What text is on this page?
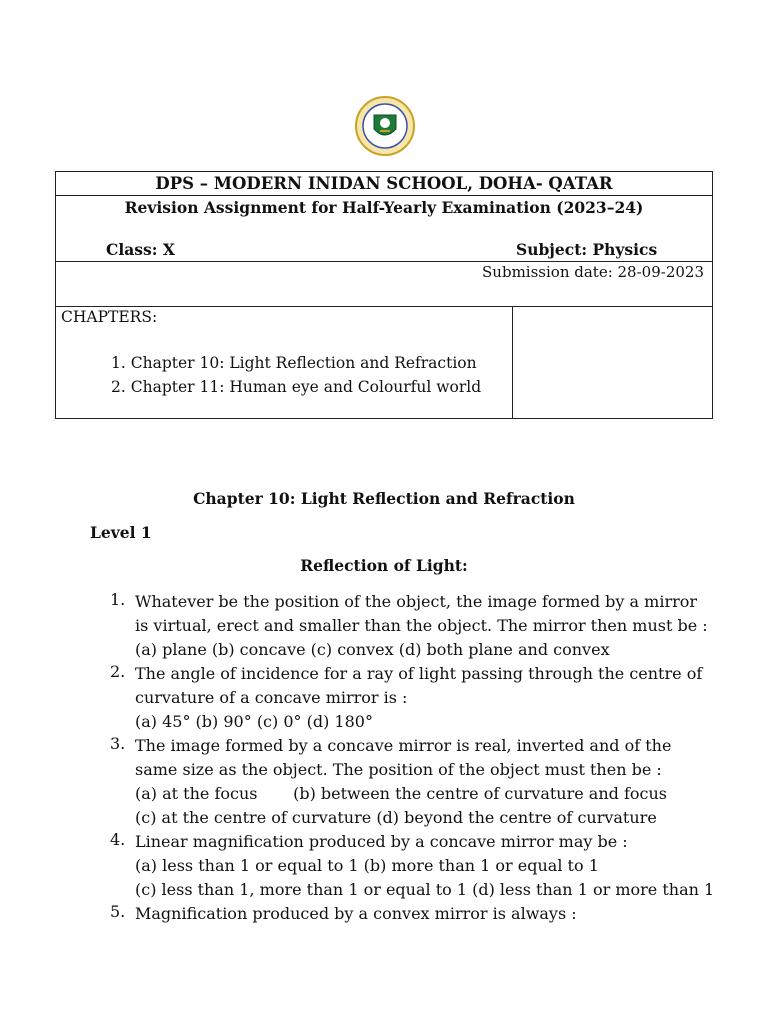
DPS – MODERN INIDAN SCHOOL, DOHA- QATAR
Revision Assignment for Half-Yearly Examination (2023–24)
Class: X	Subject: Physics
Submission date: 28-09-2023
CHAPTERS:
1. Chapter 10: Light Reflection and Refraction
2. Chapter 11: Human eye and Colourful world
Chapter 10: Light Reflection and Refraction
Level 1
Reflection of Light:
1. Whatever be the position of the object, the image formed by a mirror
is virtual, erect and smaller than the object. The mirror then must be :
(a) plane (b) concave (c) convex (d) both plane and convex
2. The angle of incidence for a ray of light passing through the centre of
curvature of a concave mirror is :
(a) 45° (b) 90° (c) 0° (d) 180°
3. The image formed by a concave mirror is real, inverted and of the
same size as the object. The position of the object must then be :
(a) at the focus       (b) between the centre of curvature and focus
(c) at the centre of curvature (d) beyond the centre of curvature
4. Linear magnification produced by a concave mirror may be :
(a) less than 1 or equal to 1 (b) more than 1 or equal to 1
(c) less than 1, more than 1 or equal to 1 (d) less than 1 or more than 1
5. Magnification produced by a convex mirror is always :
